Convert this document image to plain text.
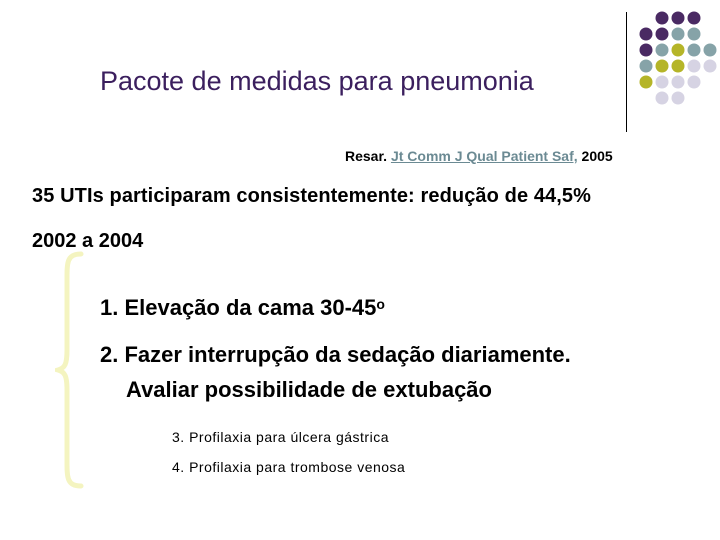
Pacote de medidas para pneumonia
Resar. Jt Comm J Qual Patient Saf, 2005
35 UTIs participaram consistentemente: redução de 44,5%
2002 a 2004
1. Elevação da cama 30-45$^o$
2. Fazer interrupção da sedação diariamente.
Avaliar possibilidade de extubação
3. Profilaxia para úlcera gástrica
4. Profilaxia para trombose venosa
